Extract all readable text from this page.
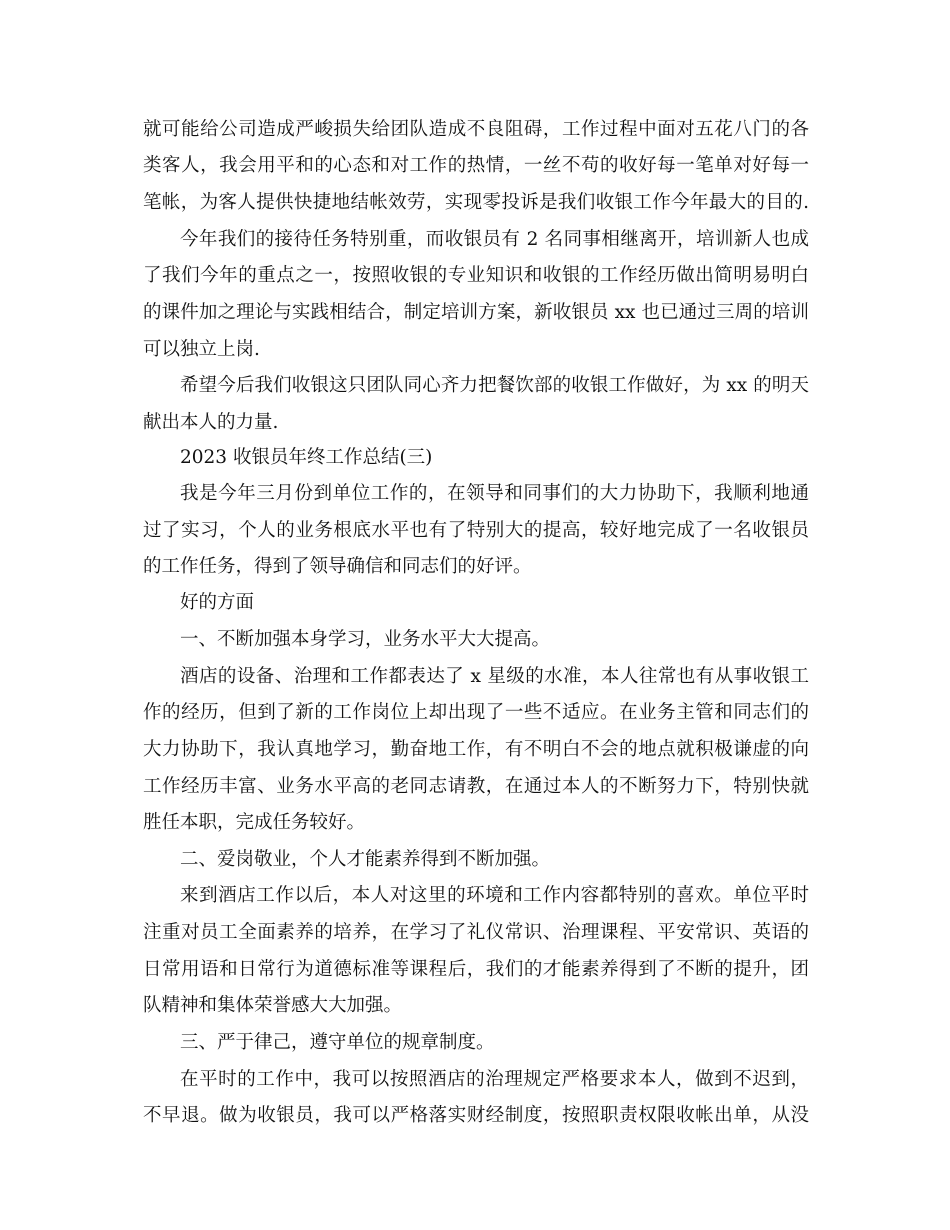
就可能给公司造成严峻损失给团队造成不良阻碍，工作过程中面对五花八门的各
类客人，我会用平和的心态和对工作的热情，一丝不苟的收好每一笔单对好每一
笔帐，为客人提供快捷地结帐效劳，实现零投诉是我们收银工作今年最大的目的.
今年我们的接待任务特别重，而收银员有 2 名同事相继离开，培训新人也成
了我们今年的重点之一，按照收银的专业知识和收银的工作经历做出简明易明白
的课件加之理论与实践相结合，制定培训方案，新收银员 xx 也已通过三周的培训
可以独立上岗.
希望今后我们收银这只团队同心齐力把餐饮部的收银工作做好，为 xx 的明天
献出本人的力量.
2023 收银员年终工作总结(三)
我是今年三月份到单位工作的，在领导和同事们的大力协助下，我顺利地通
过了实习，个人的业务根底水平也有了特别大的提高，较好地完成了一名收银员
的工作任务，得到了领导确信和同志们的好评。
好的方面
一、不断加强本身学习，业务水平大大提高。
酒店的设备、治理和工作都表达了 x 星级的水准，本人往常也有从事收银工
作的经历，但到了新的工作岗位上却出现了一些不适应。在业务主管和同志们的
大力协助下，我认真地学习，勤奋地工作，有不明白不会的地点就积极谦虚的向
工作经历丰富、业务水平高的老同志请教，在通过本人的不断努力下，特别快就
胜任本职，完成任务较好。
二、爱岗敬业，个人才能素养得到不断加强。
来到酒店工作以后，本人对这里的环境和工作内容都特别的喜欢。单位平时
注重对员工全面素养的培养，在学习了礼仪常识、治理课程、平安常识、英语的
日常用语和日常行为道德标准等课程后，我们的才能素养得到了不断的提升，团
队精神和集体荣誉感大大加强。
三、严于律己，遵守单位的规章制度。
在平时的工作中，我可以按照酒店的治理规定严格要求本人，做到不迟到，
不早退。做为收银员，我可以严格落实财经制度，按照职责权限收帐出单，从没
